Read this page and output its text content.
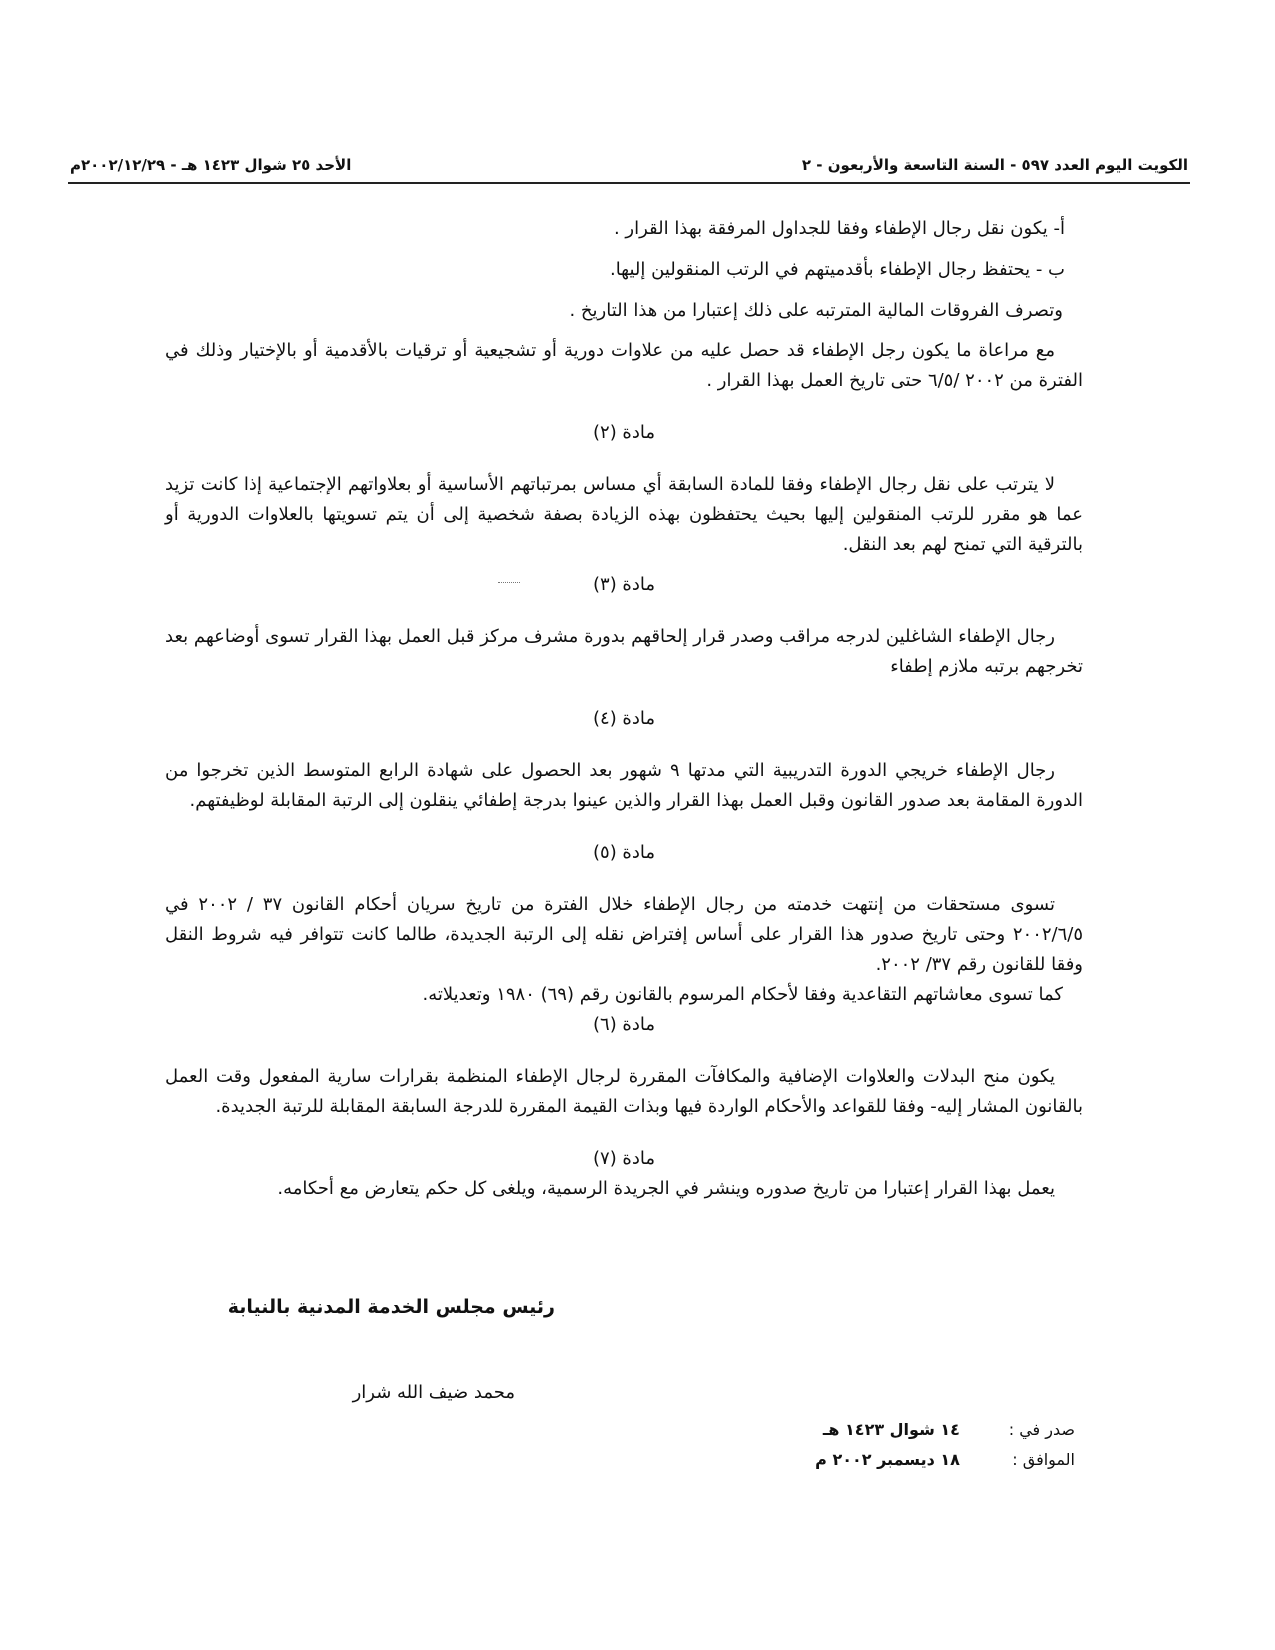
الكويت اليوم العدد ٥٩٧ - السنة التاسعة والأربعون - ٢
الأحد ٢٥ شوال ١٤٢٣ هـ - ٢٠٠٢/١٢/٢٩م

أ- يكون نقل رجال الإطفاء وفقا للجداول المرفقة بهذا القرار .

ب - يحتفظ رجال الإطفاء بأقدميتهم في الرتب المنقولين إليها.

وتصرف الفروقات المالية المترتبه على ذلك إعتبارا من هذا التاريخ .

مع مراعاة ما يكون رجل الإطفاء قد حصل عليه من علاوات دورية أو تشجيعية أو ترقيات بالأقدمية أو بالإختيار وذلك في الفترة من ٢٠٠٢ /٦/٥ حتى تاريخ العمل بهذا القرار .

مادة (٢)

لا يترتب على نقل رجال الإطفاء وفقا للمادة السابقة أي مساس بمرتباتهم الأساسية أو بعلاواتهم الإجتماعية إذا كانت تزيد عما هو مقرر للرتب المنقولين إليها بحيث يحتفظون بهذه الزيادة بصفة شخصية إلى أن يتم تسويتها بالعلاوات الدورية أو بالترقية التي تمنح لهم بعد النقل.

مادة (٣)

رجال الإطفاء الشاغلين لدرجه مراقب وصدر قرار إلحاقهم بدورة مشرف مركز قبل العمل بهذا القرار تسوى أوضاعهم بعد تخرجهم برتبه ملازم إطفاء

مادة (٤)

رجال الإطفاء خريجي الدورة التدريبية التي مدتها ٩ شهور بعد الحصول على شهادة الرابع المتوسط الذين تخرجوا من الدورة المقامة بعد صدور القانون وقبل العمل بهذا القرار والذين عينوا بدرجة إطفائي ينقلون إلى الرتبة المقابلة لوظيفتهم.

مادة (٥)

تسوى مستحقات من إنتهت خدمته من رجال الإطفاء خلال الفترة من تاريخ سريان أحكام القانون ٣٧ / ٢٠٠٢ في ٢٠٠٢/٦/٥ وحتى تاريخ صدور هذا القرار على أساس إفتراض نقله إلى الرتبة الجديدة، طالما كانت تتوافر فيه شروط النقل وفقا للقانون رقم ٣٧/ ٢٠٠٢.

كما تسوى معاشاتهم التقاعدية وفقا لأحكام المرسوم بالقانون رقم (٦٩) ١٩٨٠ وتعديلاته.

مادة (٦)

يكون منح البدلات والعلاوات الإضافية والمكافآت المقررة لرجال الإطفاء المنظمة بقرارات سارية المفعول وقت العمل بالقانون المشار إليه- وفقا للقواعد والأحكام الواردة فيها وبذات القيمة المقررة للدرجة السابقة المقابلة للرتبة الجديدة.

مادة (٧)

يعمل بهذا القرار إعتبارا من تاريخ صدوره وينشر في الجريدة الرسمية، ويلغى كل حكم يتعارض مع أحكامه.

رئيس مجلس الخدمة المدنية بالنيابة
محمد ضيف الله شرار
صدر في : ١٤ شوال ١٤٢٣ هـ
الموافق : ١٨ ديسمبر ٢٠٠٢ م
